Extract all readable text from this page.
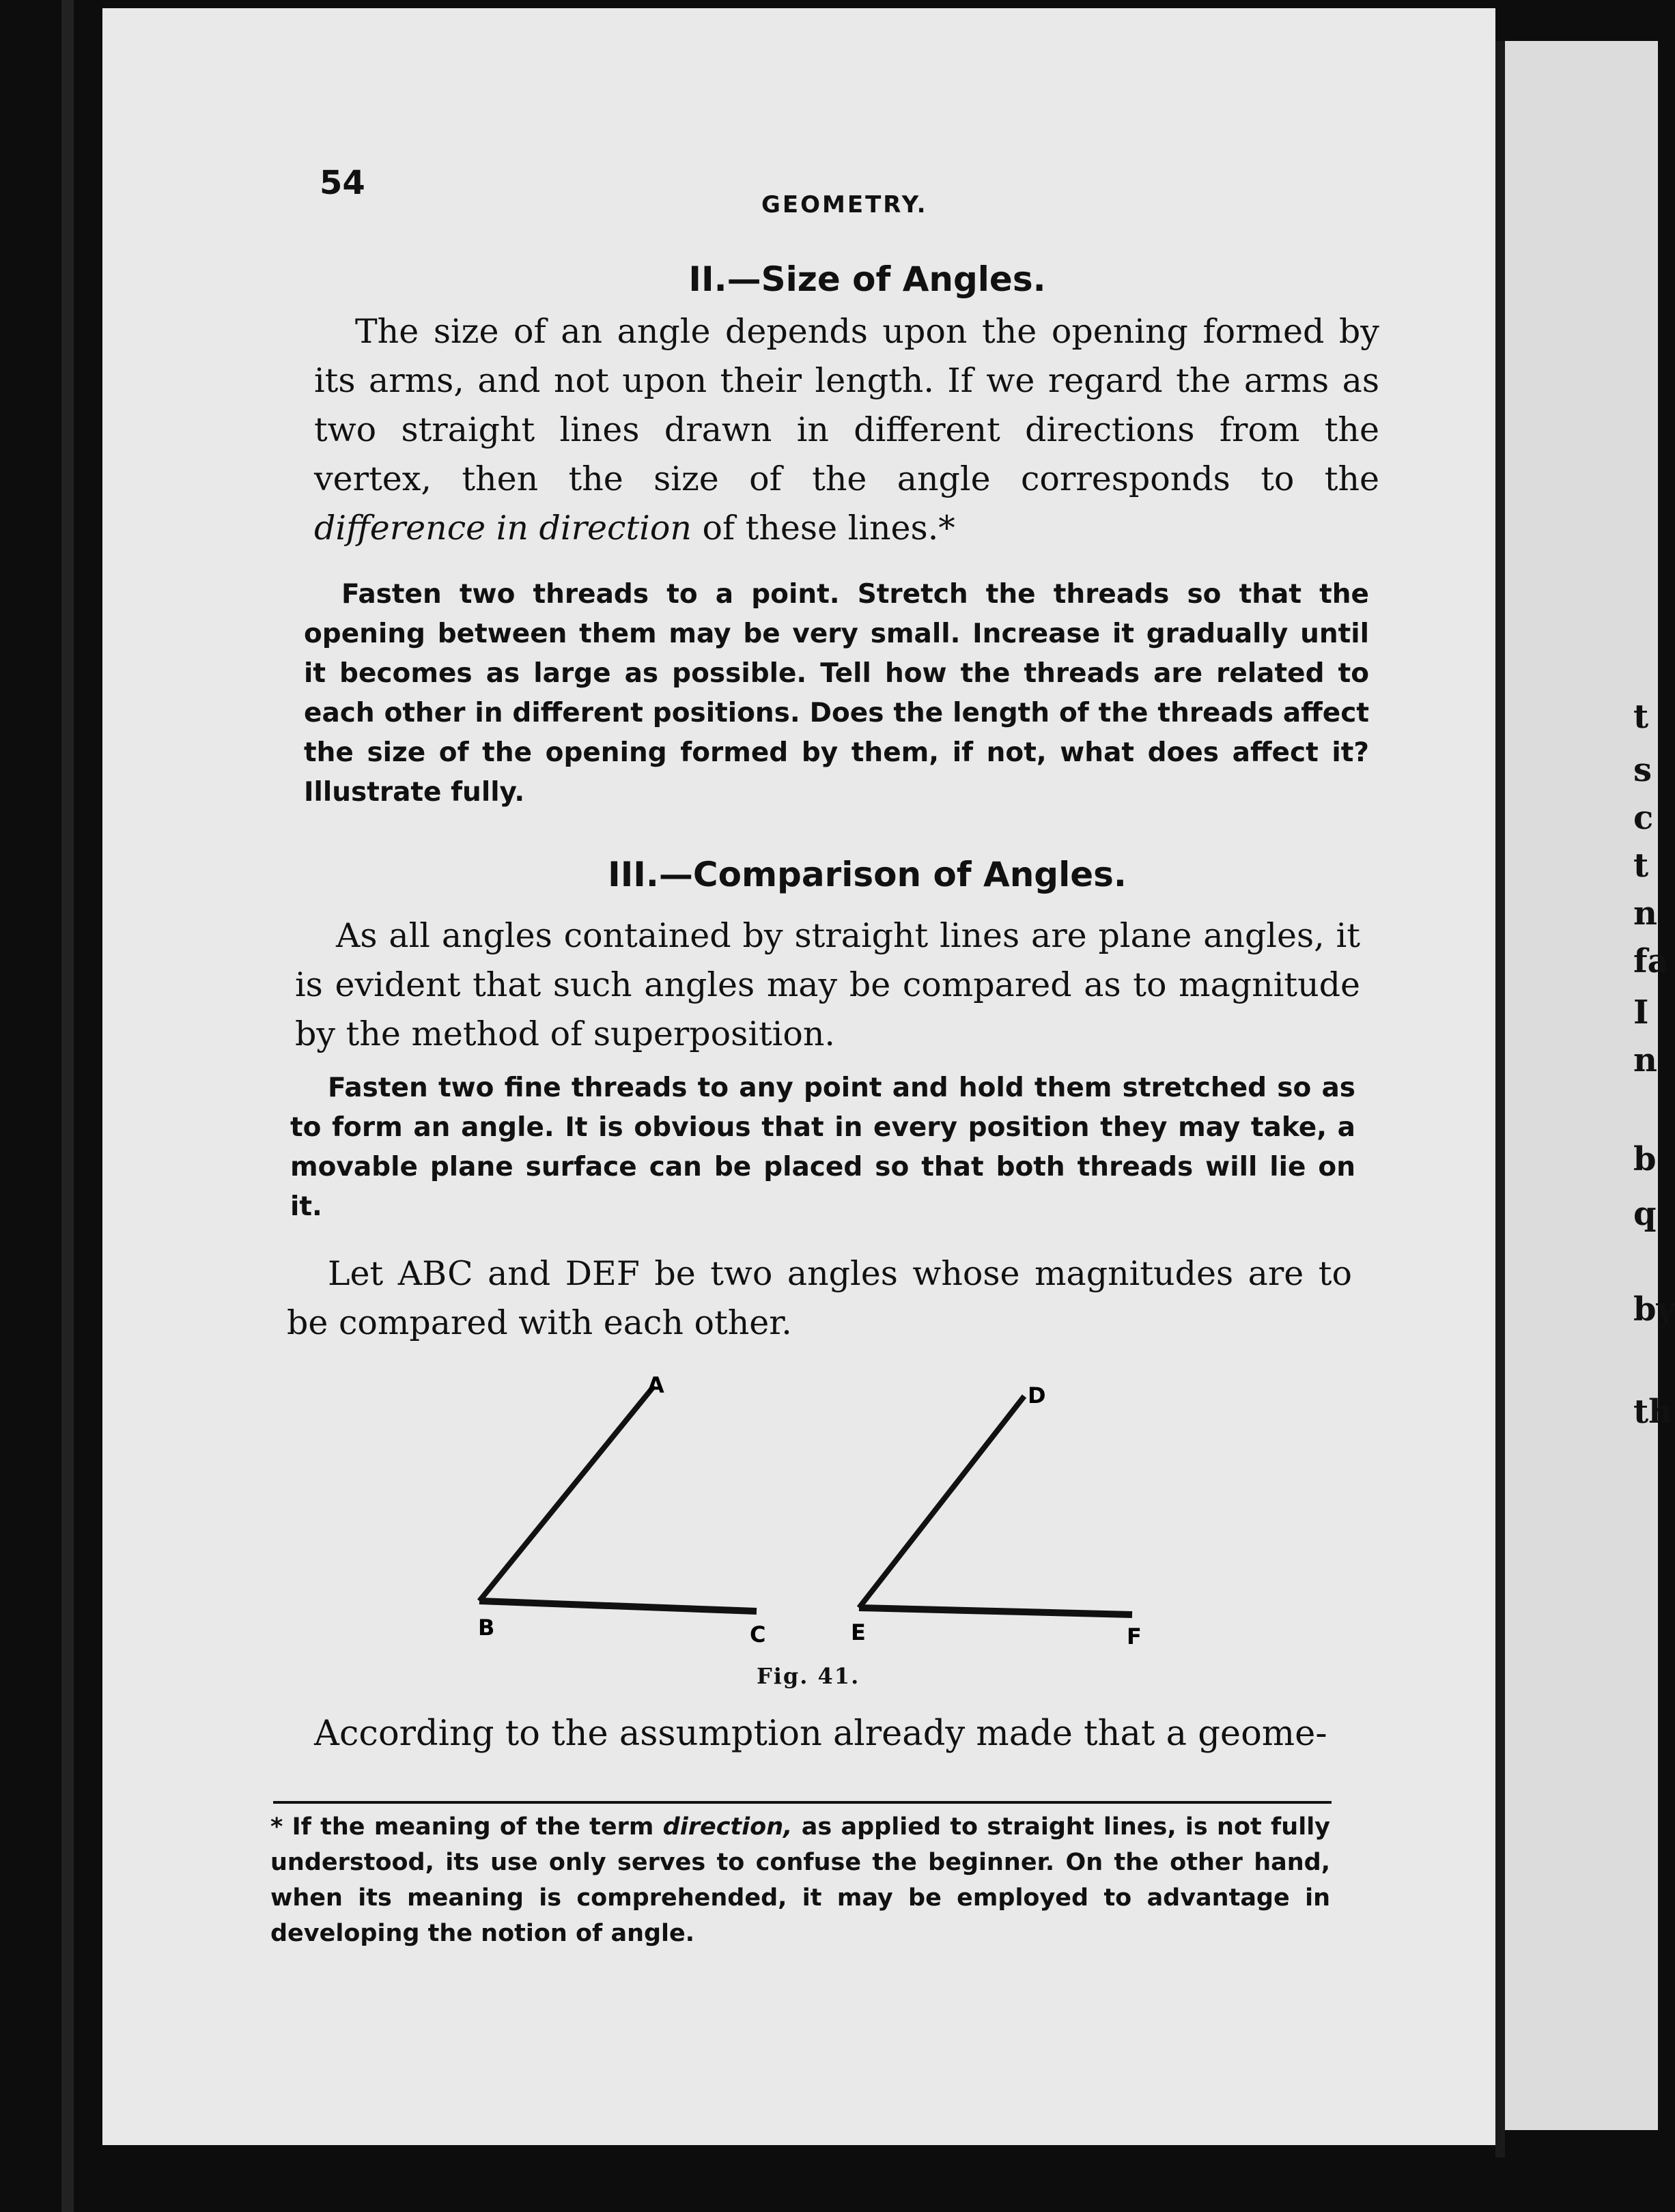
t
s
c
t
n
fa
I
n
b
q
by
th
54
GEOMETRY.
II.—Size of Angles.
The size of an angle depends upon the opening formed by its arms, and not upon their length. If we regard the arms as two straight lines drawn in different directions from the vertex, then the size of the angle corresponds to the difference in direction of these lines.*
Fasten two threads to a point. Stretch the threads so that the opening between them may be very small. Increase it gradually until it becomes as large as possible. Tell how the threads are related to each other in different positions. Does the length of the threads affect the size of the opening formed by them, if not, what does affect it? Illustrate fully.
III.—Comparison of Angles.
As all angles contained by straight lines are plane angles, it is evident that such angles may be compared as to magnitude by the method of superposition.
Fasten two fine threads to any point and hold them stretched so as to form an angle. It is obvious that in every position they may take, a movable plane surface can be placed so that both threads will lie on it.
Let ABC and DEF be two angles whose magnitudes are to be compared with each other.
A
B	C
D
E	F
Fig. 41.
According to the assumption already made that a geome-
* If the meaning of the term direction, as applied to straight lines, is not fully understood, its use only serves to confuse the beginner. On the other hand, when its meaning is comprehended, it may be employed to advantage in developing the notion of angle.
